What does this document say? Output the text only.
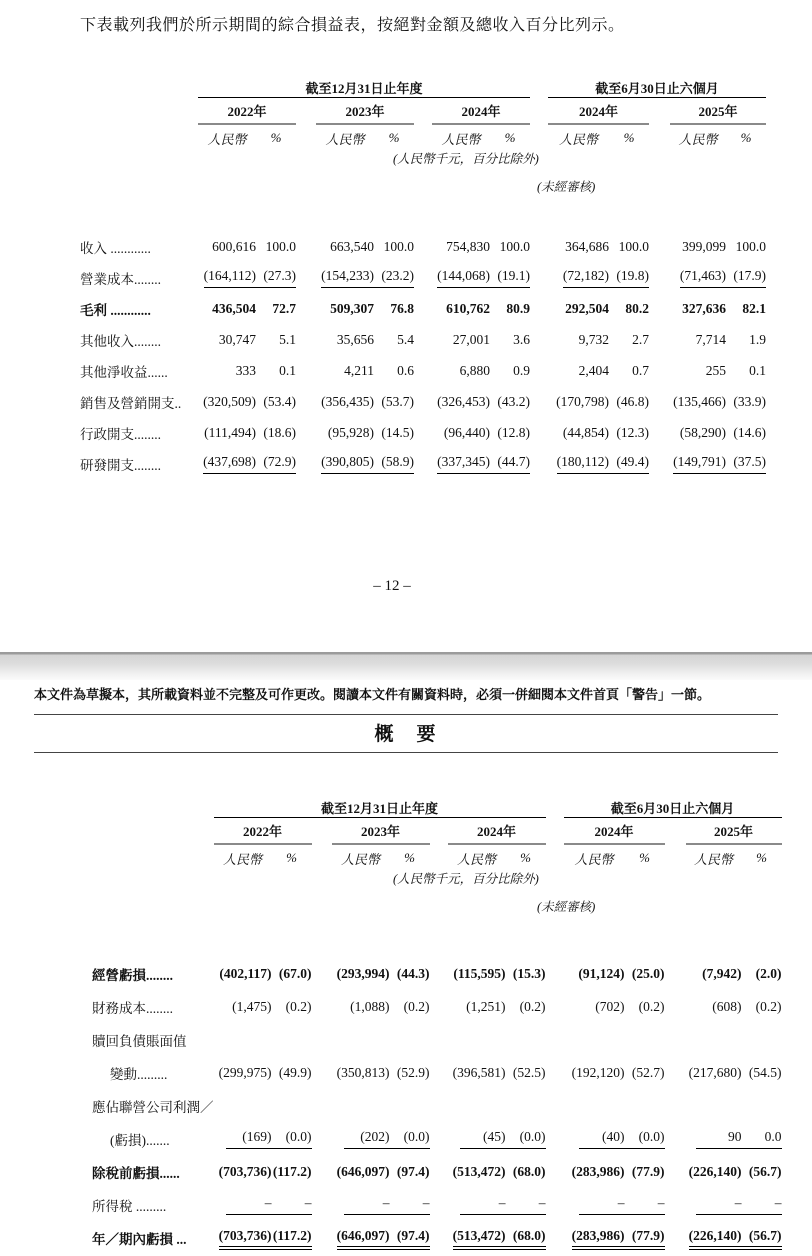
下表載列我們於所示期間的綜合損益表，按絕對金額及總收入百分比列示。
	截至12月31日止年度									截至6月30日止六個月				
	2022年			2023年			2024年			2024年			2025年	
	人民幣	%		人民幣	%		人民幣	%		人民幣	%		人民幣	%

收入 ............	600,616	100.0		663,540	100.0		754,830	100.0		364,686	100.0		399,099	100.0
營業成本........	(164,112)	(27.3)		(154,233)	(23.2)		(144,068)	(19.1)		(72,182)	(19.8)		(71,463)	(17.9)
毛利 ............	436,504	72.7		509,307	76.8		610,762	80.9		292,504	80.2		327,636	82.1
其他收入........	30,747	5.1		35,656	5.4		27,001	3.6		9,732	2.7		7,714	1.9
其他淨收益......	333	0.1		4,211	0.6		6,880	0.9		2,404	0.7		255	0.1
銷售及營銷開支..	(320,509)	(53.4)		(356,435)	(53.7)		(326,453)	(43.2)		(170,798)	(46.8)		(135,466)	(33.9)
行政開支........	(111,494)	(18.6)		(95,928)	(14.5)		(96,440)	(12.8)		(44,854)	(12.3)		(58,290)	(14.6)
研發開支........	(437,698)	(72.9)		(390,805)	(58.9)		(337,345)	(44.7)		(180,112)	(49.4)		(149,791)	(37.5)
(人民幣千元，百分比除外)
(未經審核)
– 12 –
本文件為草擬本，其所載資料並不完整及可作更改。閱讀本文件有關資料時，必須一併細閱本文件首頁「警告」一節。
概　要
	截至12月31日止年度									截至6月30日止六個月				
	2022年			2023年			2024年			2024年			2025年	
	人民幣	%		人民幣	%		人民幣	%		人民幣	%		人民幣	%

經營虧損........	(402,117)	(67.0)		(293,994)	(44.3)		(115,595)	(15.3)		(91,124)	(25.0)		(7,942)	(2.0)
財務成本........	(1,475)	(0.2)		(1,088)	(0.2)		(1,251)	(0.2)		(702)	(0.2)		(608)	(0.2)
贖回負債賬面值														
變動.........	(299,975)	(49.9)		(350,813)	(52.9)		(396,581)	(52.5)		(192,120)	(52.7)		(217,680)	(54.5)
應佔聯營公司利潤／														
(虧損).......	(169)	(0.0)		(202)	(0.0)		(45)	(0.0)		(40)	(0.0)		90	0.0
除稅前虧損......	(703,736)	(117.2)		(646,097)	(97.4)		(513,472)	(68.0)		(283,986)	(77.9)		(226,140)	(56.7)
所得稅 .........	–	–		–	–		–	–		–	–		–	–
年／期內虧損 ...	(703,736)	(117.2)		(646,097)	(97.4)		(513,472)	(68.0)		(283,986)	(77.9)		(226,140)	(56.7)
(人民幣千元，百分比除外)
(未經審核)
